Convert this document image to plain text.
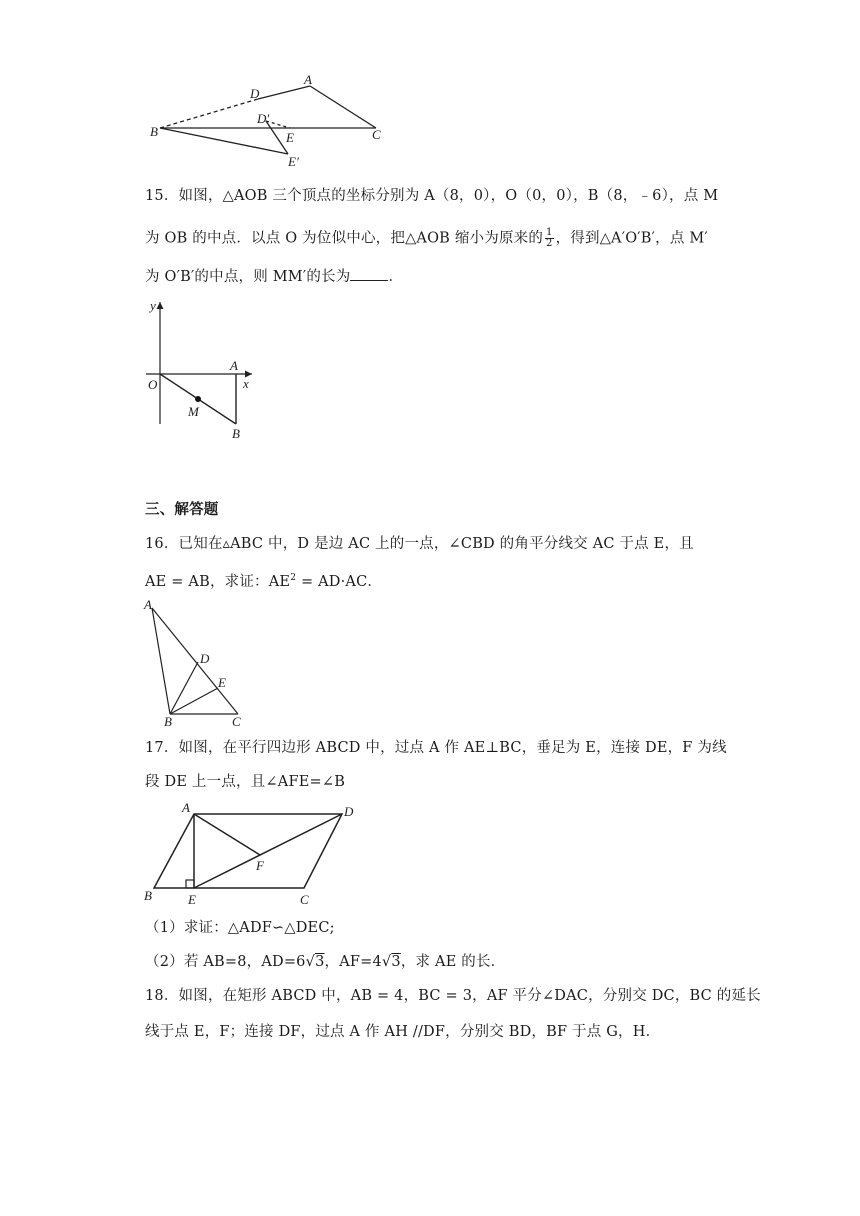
A
D
D′
E
E′
B	C
15．如图，△AOB 三个顶点的坐标分别为 A（8，0），O（0，0），B（8，﹣6），点 M
为 OB 的中点．以点 O 为位似中心，把△AOB 缩小为原来的 $\frac{1}{2}$ ，得到△A′O′B′，点 M′
为 O′B′的中点，则 MM′的长为	．
y
x
O
A
M
B
三、解答题
16．已知在▵ABC 中，D 是边 AC 上的一点，∠CBD 的角平分线交 AC 于点 E，且
AE = AB，求证：$AE^2 = AD\cdot AC$．
A
D
E
B	C
17．如图，在平行四边形 ABCD 中，过点 A 作 AE⊥BC，垂足为 E，连接 DE，F 为线
段 DE 上一点，且∠AFE=∠B
A	D
F
B	E	C
（1）求证：△ADF∽△DEC;
（2）若 AB=8，AD=6√3，AF=4√3，求 AE 的长．
18．如图，在矩形 ABCD 中，AB = 4，BC = 3，AF 平分∠DAC，分别交 DC，BC 的延长
线于点 E，F；连接 DF，过点 A 作 AH //DF，分别交 BD，BF 于点 G，H．
